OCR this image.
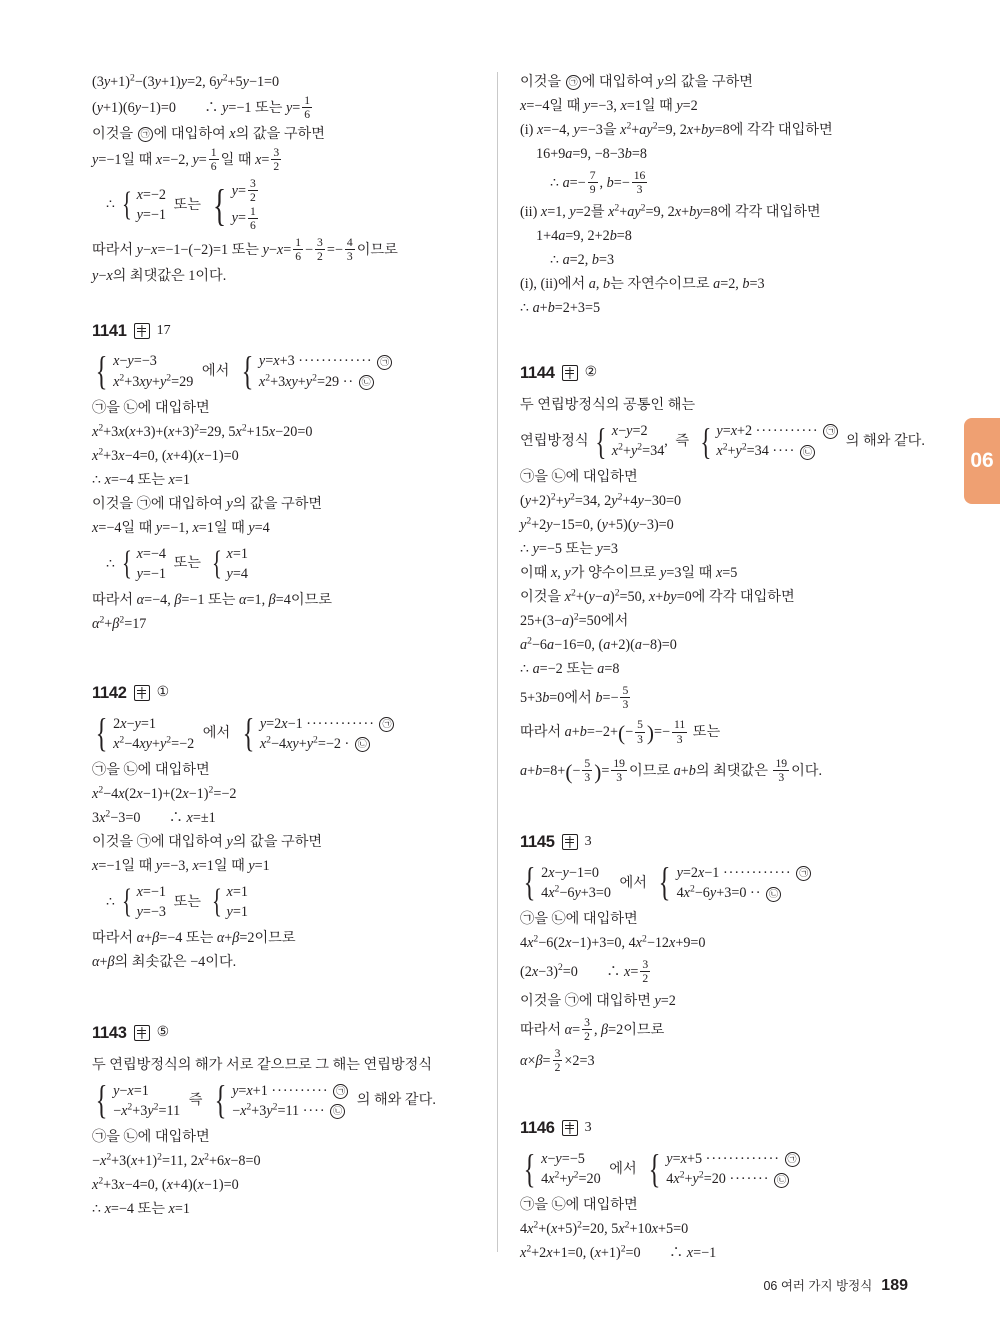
06
$(3y+1)^2-(3y+1)y=2$, $6y^2+5y-1=0$
(y+1)(6y−1)=0　　∴ y=−1 또는 $y= \frac{1}{6}$
이것을 ㉠ 에 대입하여 x의 값을 구하면
y=−1일 때 x=−2, $y= \frac{1}{6}$ 일 때 $x= \frac{3}{2}$
∴ { x=−2
y=−1
또는 { $y= \frac{3}{2}$

$y= \frac{1}{6}$
따라서 y−x=−1−(−2)=1 또는 $y-x= \frac{1}{6} - \frac{3}{2} =- \frac{4}{3}$ 이므로
y−x의 최댓값은 1이다.
1141 17
{ x−y=−3
$x^2+3xy+y^2=29$
에서 { y=x+3 ············· ㉠
$x^2+3xy+y^2=29$ ·· ㉡
㉠을 ㉡에 대입하면
$x^2+3x(x+3)+(x+3)^2=29$, $5x^2+15x-20=0$
$x^2+3x-4=0$, (x+4)(x−1)=0
∴ x=−4 또는 x=1
이것을 ㉠에 대입하여 y의 값을 구하면
x=−4일 때 y=−1, x=1일 때 y=4
∴ { x=−4
y=−1
또는 { x=1
y=4
따라서 α=−4, β=−1 또는 α=1, β=4이므로
$\alpha^2+\beta^2=17$
1142 ①
{ 2x−y=1
$x^2-4xy+y^2=-2$
에서 { y=2x−1 ············ ㉠
$x^2-4xy+y^2=-2$ · ㉡
㉠을 ㉡에 대입하면
$x^2-4x(2x-1)+(2x-1)^2=-2$
$3x^2-3=0$　　∴ x=±1
이것을 ㉠에 대입하여 y의 값을 구하면
x=−1일 때 y=−3, x=1일 때 y=1
∴ { x=−1
y=−3
또는 { x=1
y=1
따라서 α+β=−4 또는 α+β=2이므로
α+β의 최솟값은 −4이다.
1143 ⑤
두 연립방정식의 해가 서로 같으므로 그 해는 연립방정식
{ y−x=1
$-x^2+3y^2=11$
즉 { y=x+1 ·········· ㉠
$-x^2+3y^2=11$ ···· ㉡
의 해와 같다.
㉠을 ㉡에 대입하면
$-x^2+3(x+1)^2=11$, $2x^2+6x-8=0$
$x^2+3x-4=0$, (x+4)(x−1)=0
∴ x=−4 또는 x=1
이것을 ㉠ 에 대입하여 y의 값을 구하면
x=−4일 때 y=−3, x=1일 때 y=2
(i) x=−4, y=−3을 $x^2+ay^2=9$, 2x+by=8에 각각 대입하면
16+9a=9, −8−3b=8
∴ $a=- \frac{7}{9}$ , $b=- \frac{16}{3}$
(ii) x=1, y=2를 $x^2+ay^2=9$, 2x+by=8에 각각 대입하면
1+4a=9, 2+2b=8
∴ a=2, b=3
(i), (ii)에서 a, b는 자연수이므로 a=2, b=3
∴ a+b=2+3=5
1144 ②
두 연립방정식의 공통인 해는
연립방정식 { x−y=2
$x^2+y^2=34$
, 즉 { y=x+2 ··········· ㉠
$x^2+y^2=34$ ···· ㉡
의 해와 같다.
㉠을 ㉡에 대입하면
$(y+2)^2+y^2=34$, $2y^2+4y-30=0$
$y^2+2y-15=0$, (y+5)(y−3)=0
∴ y=−5 또는 y=3
이때 x, y가 양수이므로 y=3일 때 x=5
이것을 $x^2+(y-a)^2=50$, x+by=0에 각각 대입하면
$25+(3-a)^2=50$에서
$a^2-6a-16=0$, (a+2)(a−8)=0
∴ a=−2 또는 a=8
5+3b=0에서 $b=- \frac{5}{3}$
따라서 $a+b=-2+(- \frac{5}{3}$ )=− $\frac{11}{3}$ 또는
$a+b=8+(- \frac{5}{3}$ )= $\frac{19}{3}$ 이므로 a+b의 최댓값은 $\frac{19}{3}$ 이다.
1145 3
{ 2x−y−1=0
$4x^2-6y+3=0$
에서 { y=2x−1 ············ ㉠
$4x^2-6y+3=0$ ·· ㉡
㉠을 ㉡에 대입하면
$4x^2-6(2x-1)+3=0$, $4x^2-12x+9=0$
$(2x-3)^2=0$　　∴ $x= \frac{3}{2}$
이것을 ㉠에 대입하면 y=2
따라서 $\alpha= \frac{3}{2}$ , β=2이므로
$\alpha\times\beta= \frac{3}{2} \times 2=3$
1146 3
{ x−y=−5
$4x^2+y^2=20$
에서 { y=x+5 ············· ㉠
$4x^2+y^2=20$ ······· ㉡
㉠을 ㉡에 대입하면
$4x^2+(x+5)^2=20$, $5x^2+10x+5=0$
$x^2+2x+1=0$, $(x+1)^2=0$　　∴ x=−1
06 여러 가지 방정식 189
